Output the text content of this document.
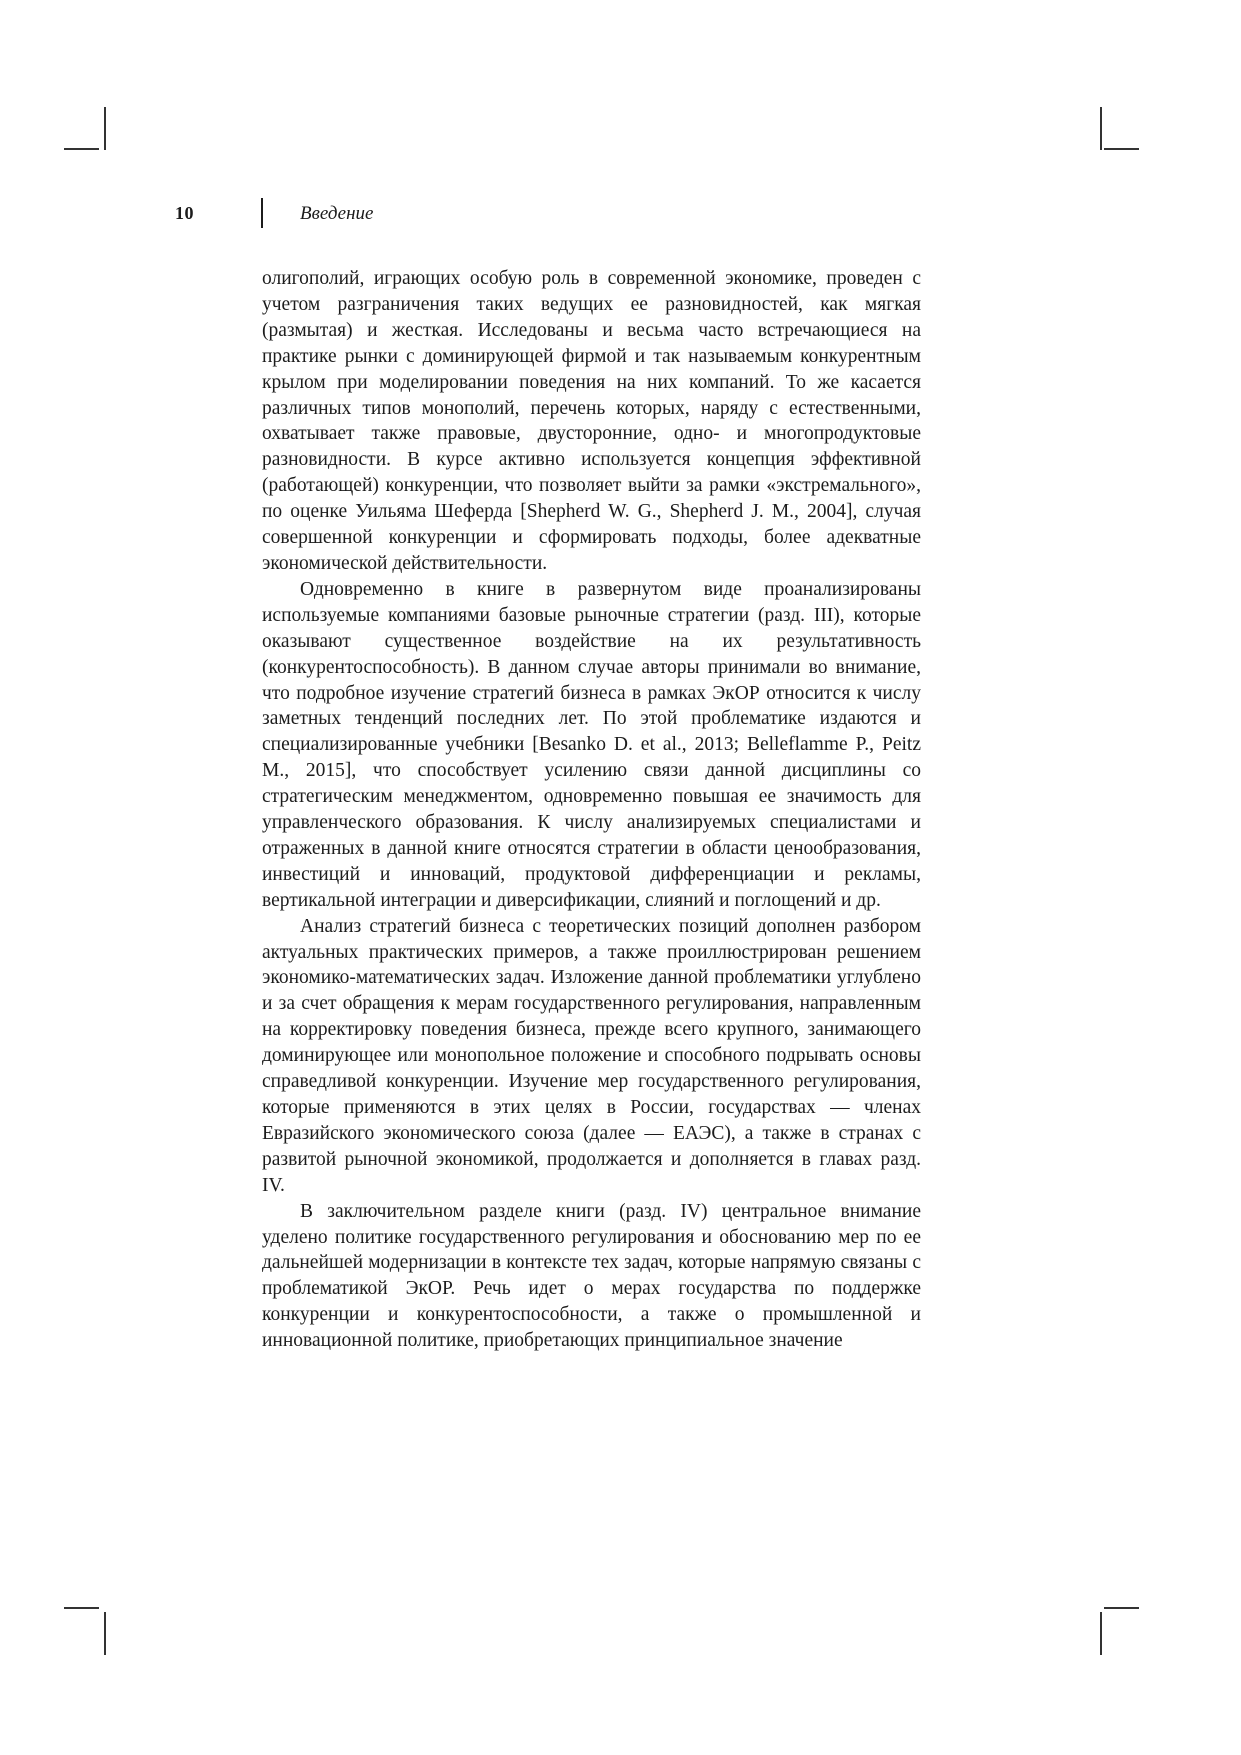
10	Введение

олигополий, играющих особую роль в современной экономике, проведен с учетом разграничения таких ведущих ее разновидностей, как мягкая (размытая) и жесткая. Исследованы и весьма часто встречающиеся на практике рынки с доминирующей фирмой и так называемым конкурентным крылом при моделировании поведения на них компаний. То же касается различных типов монополий, перечень которых, наряду с естественными, охватывает также правовые, двусторонние, одно- и многопродуктовые разновидности. В курсе активно используется концепция эффективной (работающей) конкуренции, что позволяет выйти за рамки «экстремального», по оценке Уильяма Шеферда [Shepherd W. G., Shepherd J. M., 2004], случая совершенной конкуренции и сформировать подходы, более адекватные экономической действительности.

Одновременно в книге в развернутом виде проанализированы используемые компаниями базовые рыночные стратегии (разд. III), которые оказывают существенное воздействие на их результативность (конкурентоспособность). В данном случае авторы принимали во внимание, что подробное изучение стратегий бизнеса в рамках ЭкОР относится к числу заметных тенденций последних лет. По этой проблематике издаются и специализированные учебники [Besanko D. et al., 2013; Belleflamme P., Peitz M., 2015], что способствует усилению связи данной дисциплины со стратегическим менеджментом, одновременно повышая ее значимость для управленческого образования. К числу анализируемых специалистами и отраженных в данной книге относятся стратегии в области ценообразования, инвестиций и инноваций, продуктовой дифференциации и рекламы, вертикальной интеграции и диверсификации, слияний и поглощений и др.

Анализ стратегий бизнеса с теоретических позиций дополнен разбором актуальных практических примеров, а также проиллюстрирован решением экономико-математических задач. Изложение данной проблематики углублено и за счет обращения к мерам государственного регулирования, направленным на корректировку поведения бизнеса, прежде всего крупного, занимающего доминирующее или монопольное положение и способного подрывать основы справедливой конкуренции. Изучение мер государственного регулирования, которые применяются в этих целях в России, государствах — членах Евразийского экономического союза (далее — ЕАЭС), а также в странах с развитой рыночной экономикой, продолжается и дополняется в главах разд. IV.

В заключительном разделе книги (разд. IV) центральное внимание уделено политике государственного регулирования и обоснованию мер по ее дальнейшей модернизации в контексте тех задач, которые напрямую связаны с проблематикой ЭкОР. Речь идет о мерах государства по поддержке конкуренции и конкурентоспособности, а также о промышленной и инновационной политике, приобретающих принципиальное значение
